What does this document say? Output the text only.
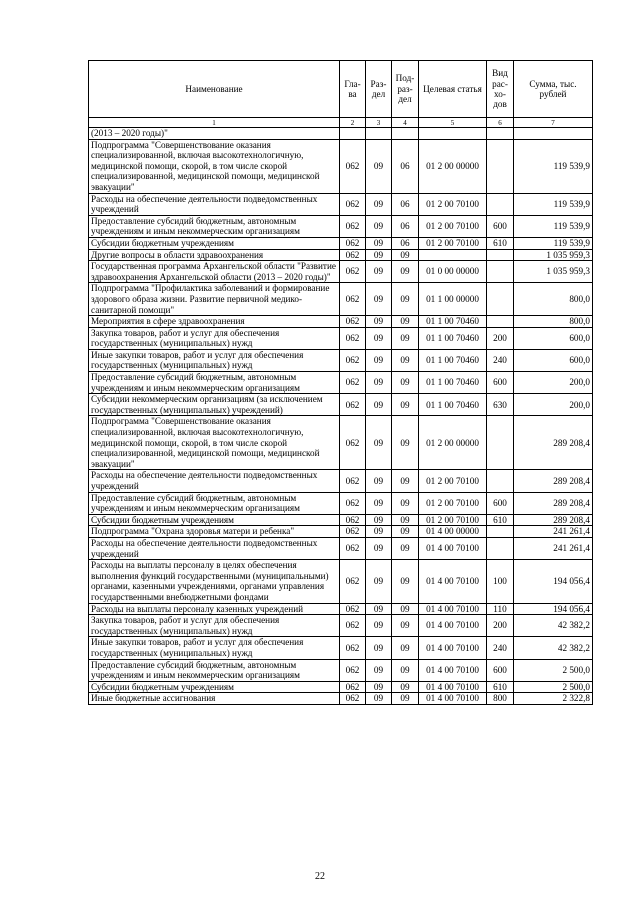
Наименование	Гла-ва	Раз-дел	Под-раз-дел	Целевая статья	Вид рас-хо-дов	Сумма, тыс. рублей
1	2	3	4	5	6	7
(2013 – 2020 годы)"						
Подпрограмма "Совершенствование оказания специализированной, включая высокотехнологичную, медицинской помощи, скорой, в том числе скорой специализированной, медицинской помощи, медицинской эвакуации"	062	09	06	01 2 00 00000		119 539,9
Расходы на обеспечение деятельности подведомственных учреждений	062	09	06	01 2 00 70100		119 539,9
Предоставление субсидий бюджетным, автономным учреждениям и иным некоммерческим организациям	062	09	06	01 2 00 70100	600	119 539,9
Субсидии бюджетным учреждениям	062	09	06	01 2 00 70100	610	119 539,9
Другие вопросы в области здравоохранения	062	09	09			1 035 959,3
Государственная программа Архангельской области "Развитие здравоохранения Архангельской области (2013 – 2020 годы)"	062	09	09	01 0 00 00000		1 035 959,3
Подпрограмма "Профилактика заболеваний и формирование здорового образа жизни. Развитие первичной медико-санитарной помощи"	062	09	09	01 1 00 00000		800,0
Мероприятия в сфере здравоохранения	062	09	09	01 1 00 70460		800,0
Закупка товаров, работ и услуг для обеспечения государственных (муниципальных) нужд	062	09	09	01 1 00 70460	200	600,0
Иные закупки товаров, работ и услуг для обеспечения государственных (муниципальных) нужд	062	09	09	01 1 00 70460	240	600,0
Предоставление субсидий бюджетным, автономным учреждениям и иным некоммерческим организациям	062	09	09	01 1 00 70460	600	200,0
Субсидии некоммерческим организациям (за исключением государственных (муниципальных) учреждений)	062	09	09	01 1 00 70460	630	200,0
Подпрограмма "Совершенствование оказания специализированной, включая высокотехнологичную, медицинской помощи, скорой, в том числе скорой специализированной, медицинской помощи, медицинской эвакуации"	062	09	09	01 2 00 00000		289 208,4
Расходы на обеспечение деятельности подведомственных учреждений	062	09	09	01 2 00 70100		289 208,4
Предоставление субсидий бюджетным, автономным учреждениям и иным некоммерческим организациям	062	09	09	01 2 00 70100	600	289 208,4
Субсидии бюджетным учреждениям	062	09	09	01 2 00 70100	610	289 208,4
Подпрограмма "Охрана здоровья матери и ребенка"	062	09	09	01 4 00 00000		241 261,4
Расходы на обеспечение деятельности подведомственных учреждений	062	09	09	01 4 00 70100		241 261,4
Расходы на выплаты персоналу в целях обеспечения выполнения функций государственными (муниципальными) органами, казенными учреждениями, органами управления государственными внебюджетными фондами	062	09	09	01 4 00 70100	100	194 056,4
Расходы на выплаты персоналу казенных учреждений	062	09	09	01 4 00 70100	110	194 056,4
Закупка товаров, работ и услуг для обеспечения государственных (муниципальных) нужд	062	09	09	01 4 00 70100	200	42 382,2
Иные закупки товаров, работ и услуг для обеспечения государственных (муниципальных) нужд	062	09	09	01 4 00 70100	240	42 382,2
Предоставление субсидий бюджетным, автономным учреждениям и иным некоммерческим организациям	062	09	09	01 4 00 70100	600	2 500,0
Субсидии бюджетным учреждениям	062	09	09	01 4 00 70100	610	2 500,0
Иные бюджетные ассигнования	062	09	09	01 4 00 70100	800	2 322,8
22
